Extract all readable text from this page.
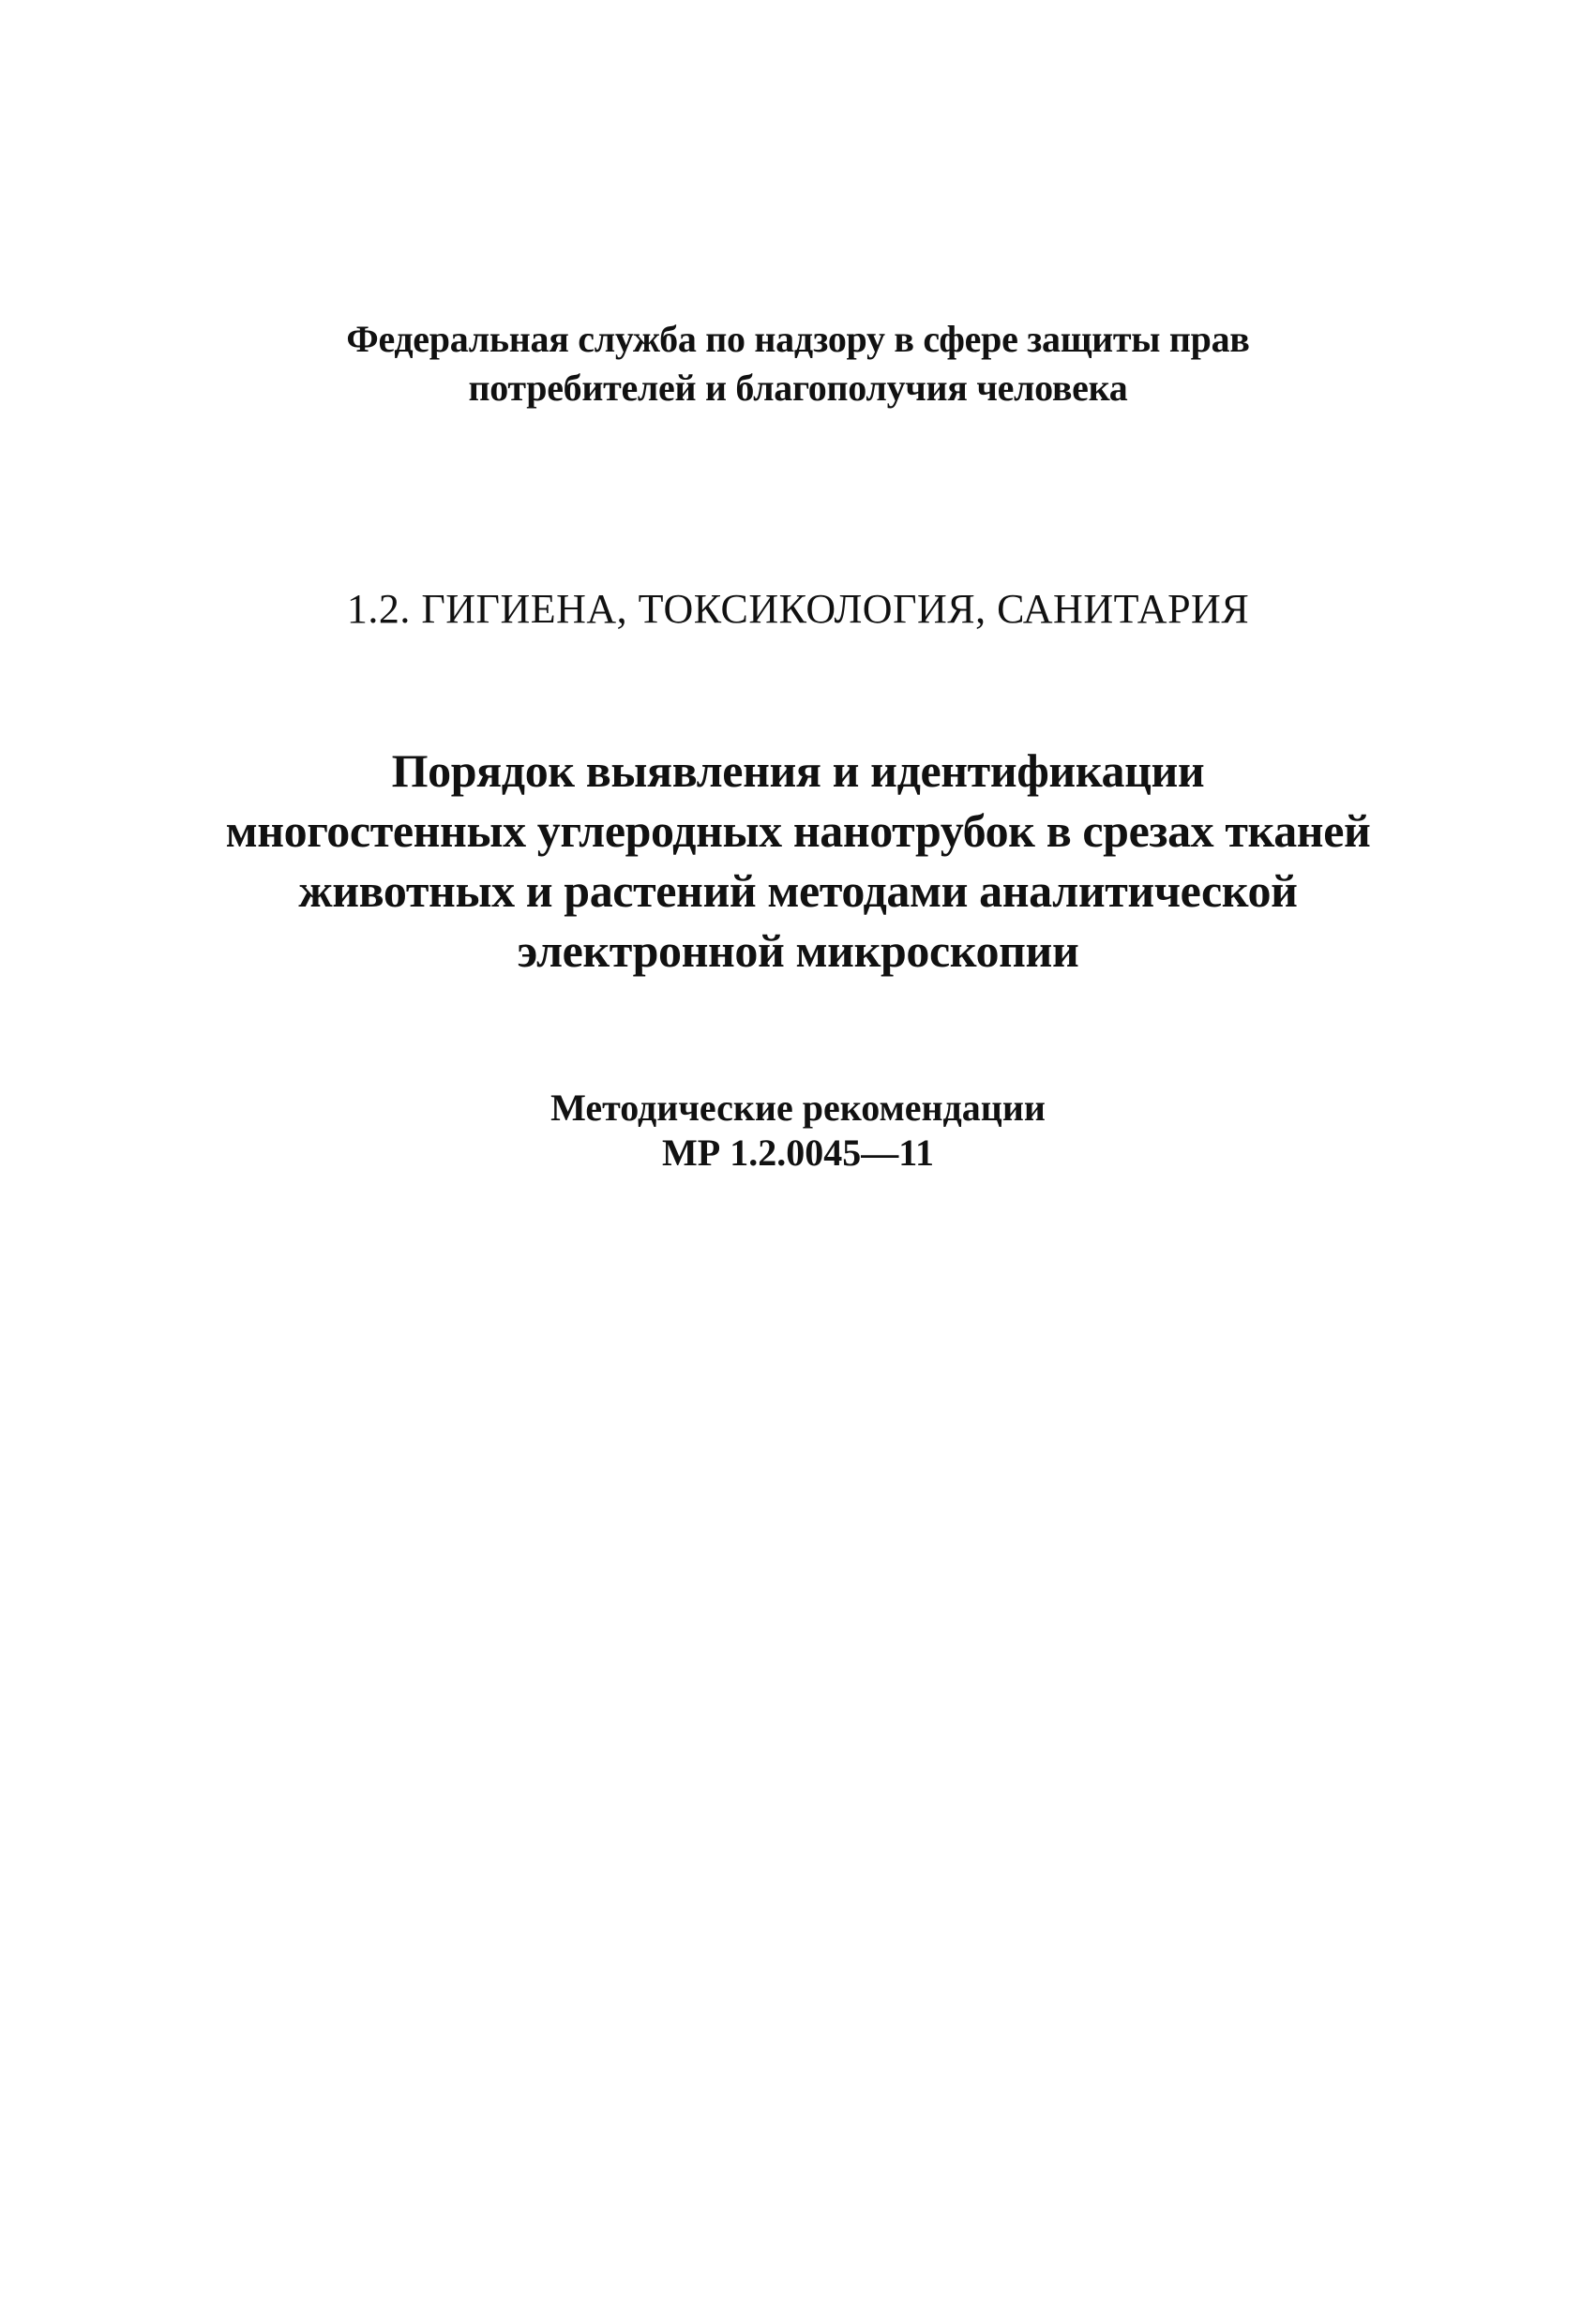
Федеральная служба по надзору в сфере защиты прав
потребителей и благополучия человека
1.2. ГИГИЕНА, ТОКСИКОЛОГИЯ, САНИТАРИЯ
Порядок выявления и идентификации
многостенных углеродных нанотрубок в срезах тканей
животных и растений методами аналитической
электронной микроскопии
Методические рекомендации
МР 1.2.0045—11
